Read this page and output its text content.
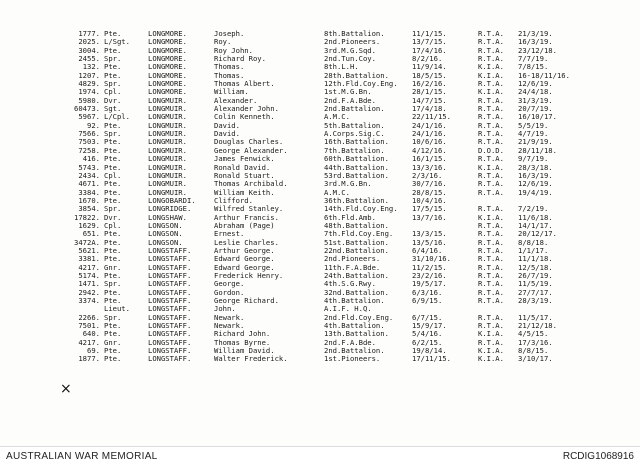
1777. Pte.	LONGMORE.	Joseph.	8th.Battalion.	11/1/15.	R.T.A. 21/3/19.
2025. L/Sgt.	LONGMORE.	Roy.	2nd.Pioneers.	13/7/15.	R.T.A. 16/3/19.
3004. Pte.	LONGMORE.	Roy John.	3rd.M.G.Sqd.	17/4/16.	R.T.A. 23/12/18.
2455. Spr.	LONGMORE.	Richard Roy.	2nd.Tun.Coy.	8/2/16.	R.T.A. 7/7/19.
132. Pte.	LONGMORE.	Thomas.	8th.L.H.	11/9/14.	K.I.A. 7/8/15.
1207. Pte.	LONGMORE.	Thomas.	28th.Battalion.	18/5/15.	K.I.A. 16-18/11/16.
4829. Spr.	LONGMORE.	Thomas Albert.	12th.Fld.Coy.Eng. 16/2/16.	R.T.A. 12/6/19.
1974. Cpl.	LONGMORE.	William.	1st.M.G.Bn.	28/1/15.	K.I.A. 24/4/18.
5980. Dvr.	LONGMUIR.	Alexander.	2nd.F.A.Bde.	14/7/15.	R.T.A. 31/3/19.
60473. Sgt.	LONGMUIR.	Alexander John.	2nd.Battalion.	17/4/18.	R.T.A. 20/7/19.
5967. L/Cpl.	LONGMUIR.	Colin Kenneth.	A.M.C.	22/11/15.	R.T.A. 16/10/17.
92. Pte.	LONGMUIR.	David.	5th.Battalion.	24/1/16.	R.T.A. 5/5/19.
7566. Spr.	LONGMUIR.	David.	A.Corps.Sig.C.	24/1/16.	R.T.A. 4/7/19.
7503. Pte.	LONGMUIR.	Douglas Charles.	16th.Battalion.	10/6/16.	R.T.A. 21/9/19.
7258. Pte.	LONGMUIR.	George Alexander.	7th.Battalion.	4/12/16.	D.O.D. 28/11/18.
416. Pte.	LONGMUIR.	James Fenwick.	60th.Battalion.	16/1/15.	R.T.A. 9/7/19.
5743. Pte.	LONGMUIR.	Ronald David.	44th.Battalion.	13/3/16.	K.I.A. 28/3/18.
2434. Cpl.	LONGMUIR.	Ronald Stuart.	53rd.Battalion.	2/3/16.	R.T.A. 16/3/19.
4671. Pte.	LONGMUIR.	Thomas Archibald.	3rd.M.G.Bn.	30/7/16.	R.T.A. 12/6/19.
3384. Pte.	LONGMUIR.	William Keith.	A.M.C.	28/8/15.	R.T.A. 19/4/19.
1670. Pte.	LONGOBARDI.	Clifford.	36th.Battalion.	10/4/16.
3854. Spr.	LONGRIDGE.	Wilfred Stanley.	14th.Fld.Coy.Eng. 17/5/15.	R.T.A. 7/2/19.
17822. Dvr.	LONGSHAW.	Arthur Francis.	6th.Fld.Amb.	13/7/16.	K.I.A. 11/6/18.
1629. Cpl.	LONGSON.	Abraham (Page)	48th.Battalion.	R.T.A. 14/1/17.
651. Pte.	LONGSON.	Ernest.	7th.Fld.Coy.Eng.	13/3/15.	R.T.A. 20/12/17.
3472A. Pte.	LONGSON.	Leslie Charles.	51st.Battalion.	13/5/16.	R.T.A. 8/8/18.
5621. Pte.	LONGSTAFF.	Arthur George.	22nd.Battalion.	6/4/16.	R.T.A. 1/1/17.
3381. Pte.	LONGSTAFF.	Edward George.	2nd.Pioneers.	31/10/16.	R.T.A. 11/1/18.
4217. Gnr.	LONGSTAFF.	Edward George.	11th.F.A.Bde.	11/2/15.	R.T.A. 12/5/18.
5174. Pte.	LONGSTAFF.	Frederick Henry.	24th.Battalion.	23/2/16.	R.T.A. 26/7/19.
1471. Spr.	LONGSTAFF.	George.	4th.S.G.Rwy.	19/5/17.	R.T.A. 11/5/19.
2942. Pte.	LONGSTAFF.	Gordon.	32nd.Battalion.	6/3/16.	R.T.A. 27/7/17.
3374. Pte.	LONGSTAFF.	George Richard.	4th.Battalion.	6/9/15.	R.T.A. 28/3/19.
Lieut.	LONGSTAFF.	John.	A.I.F. H.Q.
2266. Spr.	LONGSTAFF.	Newark.	2nd.Fld.Coy.Eng.	6/7/15.	R.T.A. 11/5/17.
7501. Pte.	LONGSTAFF.	Newark.	4th.Battalion.	15/9/17.	R.T.A. 21/12/18.
640. Pte.	LONGSTAFF.	Richard John.	13th.Battalion.	5/4/16.	K.I.A. 4/5/15.
4217. Gnr.	LONGSTAFF.	Thomas Byrne.	2nd.F.A.Bde.	6/2/15.	R.T.A. 17/3/16.
69. Pte.	LONGSTAFF.	William David.	2nd.Battalion.	19/8/14.	K.I.A. 8/8/15.
1877. Pte.	LONGSTAFF.	Walter Frederick.	1st.Pioneers.	17/11/15.	K.I.A. 3/10/17.
×
AUSTRALIAN WAR MEMORIAL	RCDIG1068916
